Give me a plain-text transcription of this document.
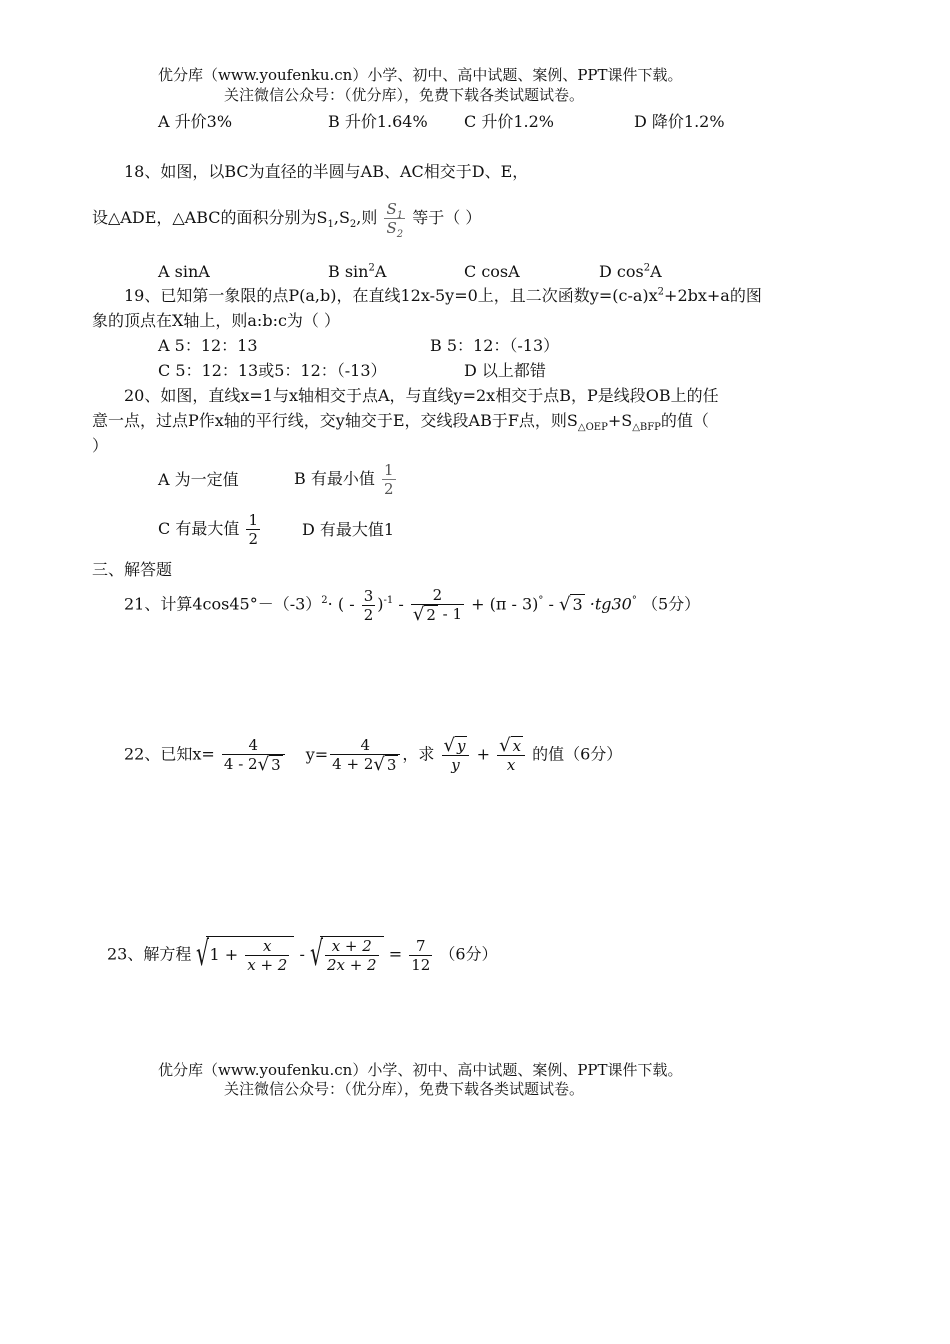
优分库（www.youfenku.cn）小学、初中、高中试题、案例、PPT课件下载。
关注微信公众号：（优分库），免费下载各类试题试卷。
A 升价3%	B 升价1.64% C 升价1.2%	D 降价1.2%
18、如图，以BC为直径的半圆与AB、AC相交于D、E，
设△ADE，△ABC的面积分别为$S_1,S_2$,则 $\frac{S_1}{S_2}$ 等于（ ）
A sinA	B $\sin^2A$	C cosA	D $\cos^2A$
19、已知第一象限的点P(a,b)，在直线12x-5y=0上，且二次函数$y=(c-a)x^2+2bx+a$的图
象的顶点在X轴上，则a:b:c为（ ）
A 5：12：13	B 5：12：（-13）
C 5：12：13或5：12：（-13）	D 以上都错
20、如图，直线x=1与x轴相交于点A，与直线y=2x相交于点B，P是线段OB上的任
意一点，过点P作x轴的平行线，交y轴交于E，交线段AB于F点，则$S_{\triangle OEP}+S_{\triangle BFP}$的值（
）
A 为一定值	B 有最小值 $\frac{1}{2}$
C 有最大值 $\frac{1}{2}$	D 有最大值1
三、解答题
21、计算$4\cos 45^\circ-(-3)^2\cdot$ ( - $\frac{3}{2} )^{-1} - \frac{2}{√ 2 - 1} + (\pi - 3)^\circ$ - √ 3 ·tg30° （5分）
22、已知$x= \frac{4}{4 - 2√ 3} y= \frac{4}{4 + 2√ 3}$ ，求 $\frac{√ y}{y} + \frac{√ x}{x}$ 的值（6分）
23、解方程 √ $1 + \frac{x}{x + 2}$ - √ $\frac{x + 2}{2x + 2} = \frac{7}{12} (6$分）
优分库（www.youfenku.cn）小学、初中、高中试题、案例、PPT课件下载。
关注微信公众号：（优分库），免费下载各类试题试卷。
